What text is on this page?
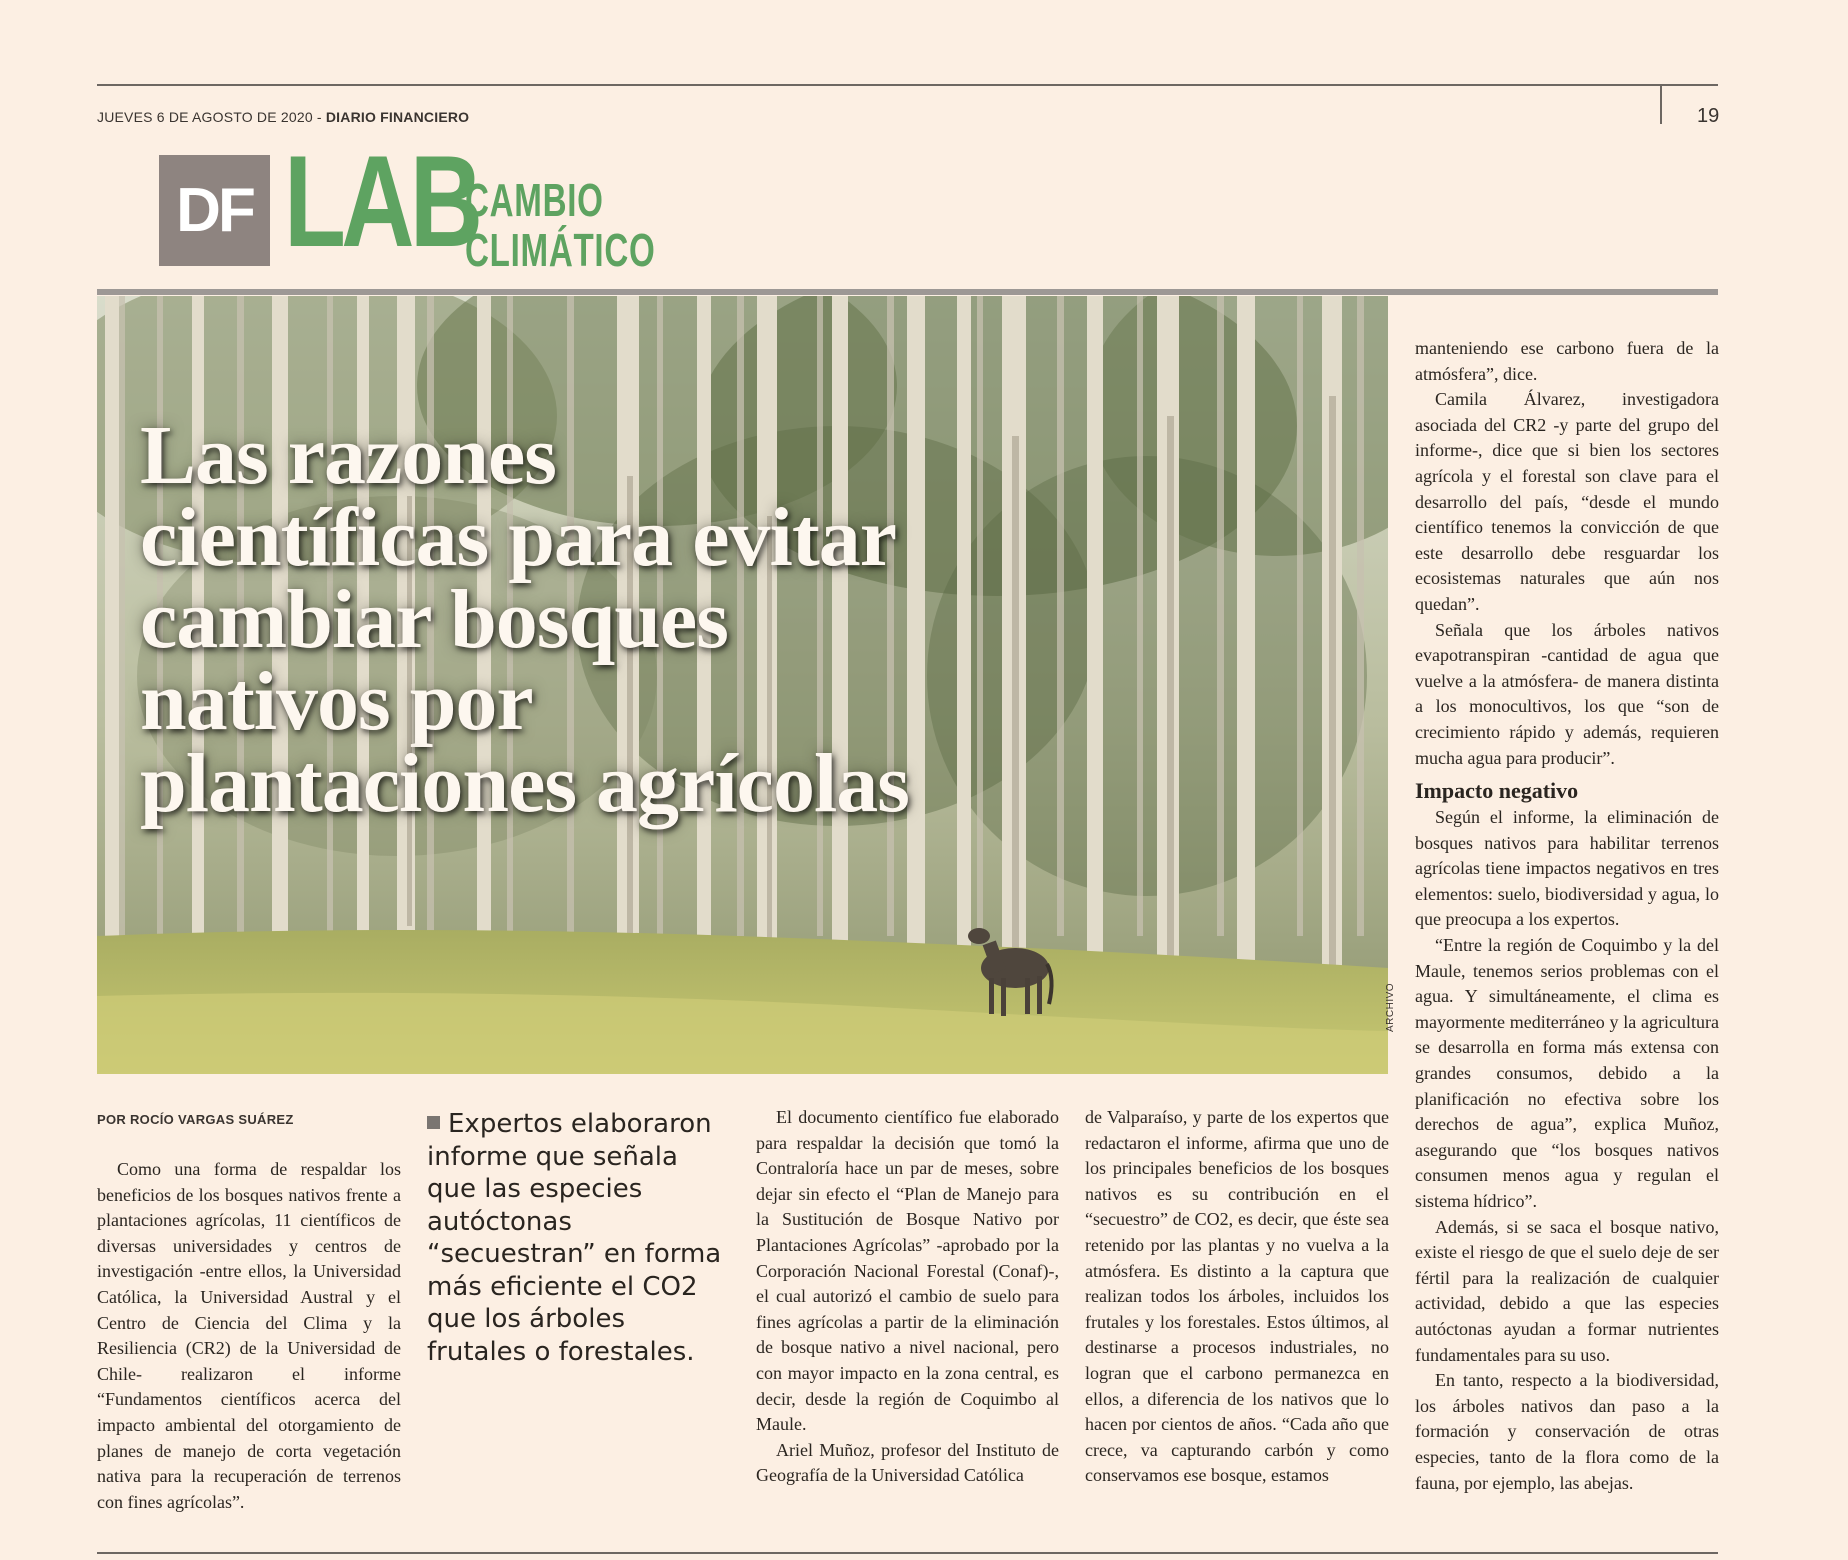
JUEVES 6 DE AGOSTO DE 2020 - DIARIO FINANCIERO	19
DF LAB
CAMBIO
CLIMÁTICO
Las razones científicas para evitar cambiar bosques nativos por plantaciones agrícolas
ARCHIVO
POR ROCÍO VARGAS SUÁREZ

Como una forma de respaldar los beneficios de los bosques nativos frente a plantaciones agrícolas, 11 científicos de diversas universidades y centros de investigación -entre ellos, la Universidad Católica, la Universidad Austral y el Centro de Ciencia del Clima y la Resiliencia (CR2) de la Universidad de Chile- realizaron el informe “Fundamentos científicos acerca del impacto ambiental del otorgamiento de planes de manejo de corta vegetación nativa para la recuperación de terrenos con fines agrícolas”.

Expertos elaboraron informe que señala que las especies autóctonas “secuestran” en forma más eficiente el CO2 que los árboles frutales o forestales.

El documento científico fue elaborado para respaldar la decisión que tomó la Contraloría hace un par de meses, sobre dejar sin efecto el “Plan de Manejo para la Sustitución de Bosque Nativo por Plantaciones Agrícolas” -aprobado por la Corporación Nacional Forestal (Conaf)-, el cual autorizó el cambio de suelo para fines agrícolas a partir de la eliminación de bosque nativo a nivel nacional, pero con mayor impacto en la zona central, es decir, desde la región de Coquimbo al Maule.

Ariel Muñoz, profesor del Instituto de Geografía de la Universidad Católica

de Valparaíso, y parte de los expertos que redactaron el informe, afirma que uno de los principales beneficios de los bosques nativos es su contribución en el “secuestro” de CO2, es decir, que éste sea retenido por las plantas y no vuelva a la atmósfera. Es distinto a la captura que realizan todos los árboles, incluidos los frutales y los forestales. Estos últimos, al destinarse a procesos industriales, no logran que el carbono permanezca en ellos, a diferencia de los nativos que lo hacen por cientos de años. “Cada año que crece, va capturando carbón y como conservamos ese bosque, estamos

manteniendo ese carbono fuera de la atmósfera”, dice.

Camila Álvarez, investigadora asociada del CR2 -y parte del grupo del informe-, dice que si bien los sectores agrícola y el forestal son clave para el desarrollo del país, “desde el mundo científico tenemos la convicción de que este desarrollo debe resguardar los ecosistemas naturales que aún nos quedan”.

Señala que los árboles nativos evapotranspiran -cantidad de agua que vuelve a la atmósfera- de manera distinta a los monocultivos, los que “son de crecimiento rápido y además, requieren mucha agua para producir”.

Impacto negativo

Según el informe, la eliminación de bosques nativos para habilitar terrenos agrícolas tiene impactos negativos en tres elementos: suelo, biodiversidad y agua, lo que preocupa a los expertos.

“Entre la región de Coquimbo y la del Maule, tenemos serios problemas con el agua. Y simultáneamente, el clima es mayormente mediterráneo y la agricultura se desarrolla en forma más extensa con grandes consumos, debido a la planificación no efectiva sobre los derechos de agua”, explica Muñoz, asegurando que “los bosques nativos consumen menos agua y regulan el sistema hídrico”.

Además, si se saca el bosque nativo, existe el riesgo de que el suelo deje de ser fértil para la realización de cualquier actividad, debido a que las especies autóctonas ayudan a formar nutrientes fundamentales para su uso.

En tanto, respecto a la biodiversidad, los árboles nativos dan paso a la formación y conservación de otras especies, tanto de la flora como de la fauna, por ejemplo, las abejas.
